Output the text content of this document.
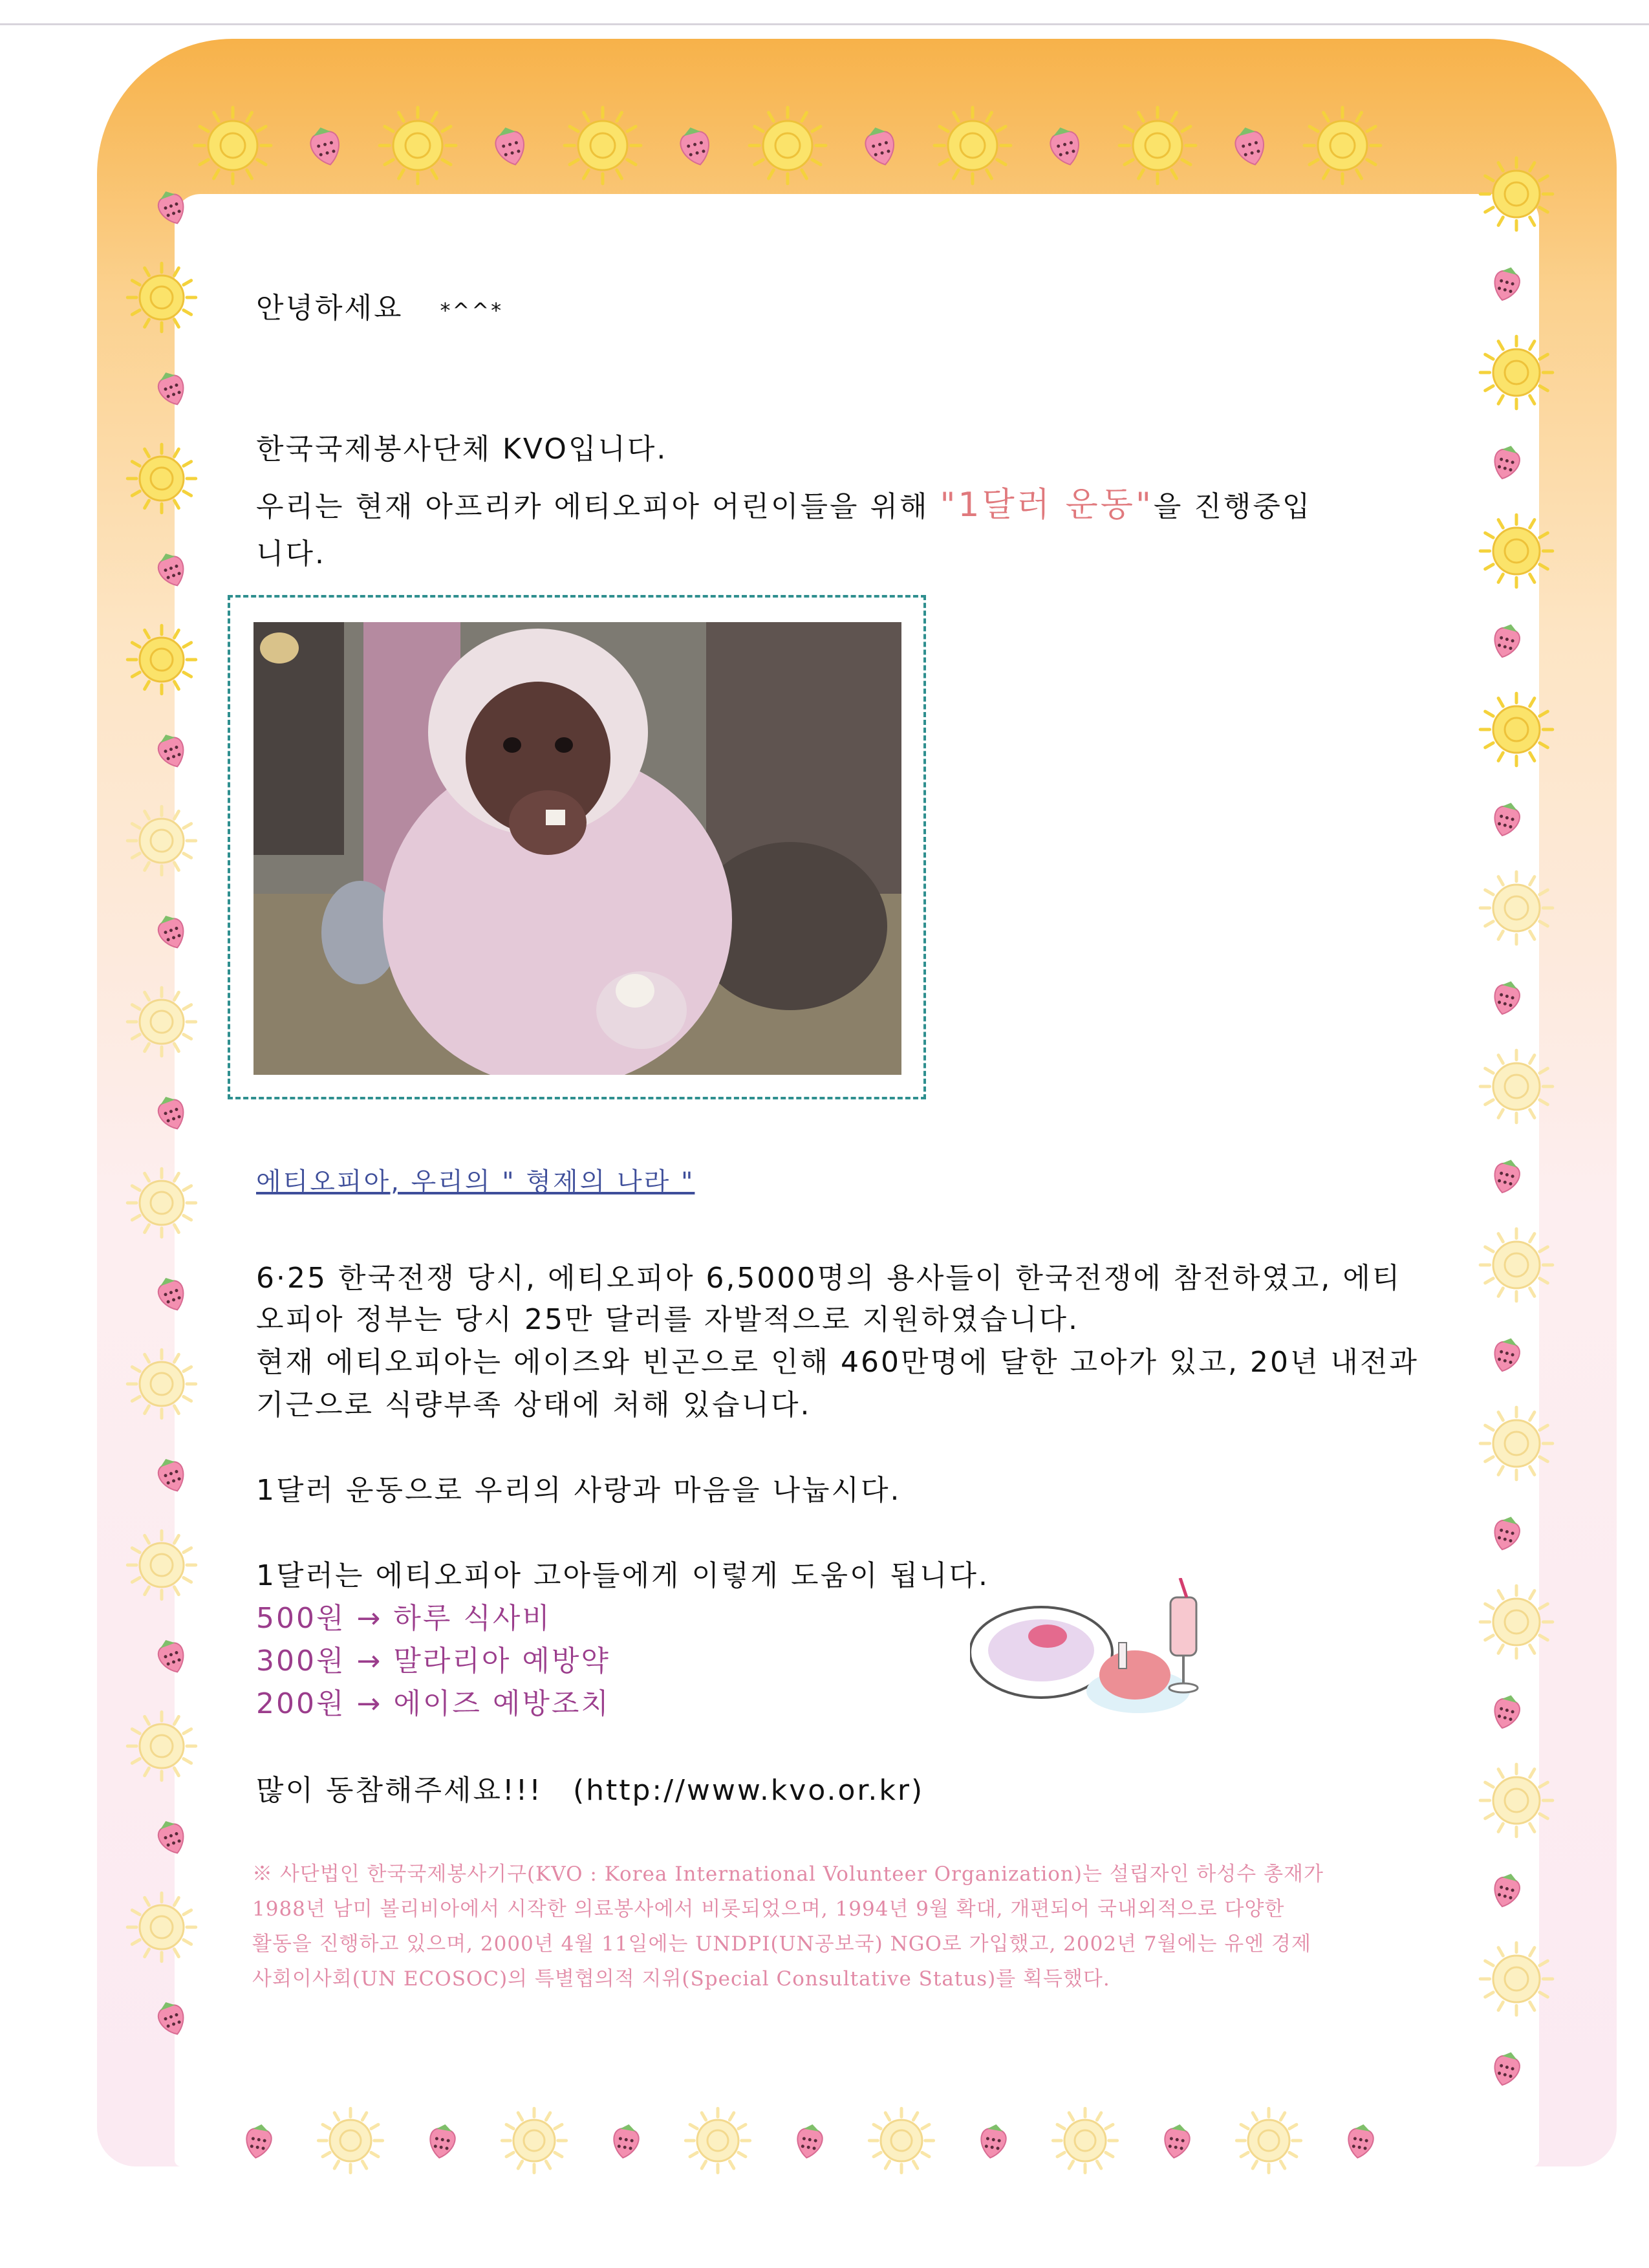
안녕하세요 *^^*

한국국제봉사단체 KVO입니다.

우리는 현재 아프리카 에티오피아 어린이들을 위해 "1달러 운동"을 진행중입

니다.

에티오피아, 우리의 " 형제의 나라 "

6·25 한국전쟁 당시, 에티오피아 6,5000명의 용사들이 한국전쟁에 참전하였고, 에티

오피아 정부는 당시 25만 달러를 자발적으로 지원하였습니다.

현재 에티오피아는 에이즈와 빈곤으로 인해 460만명에 달한 고아가 있고, 20년 내전과

기근으로 식량부족 상태에 처해 있습니다.

1달러 운동으로 우리의 사랑과 마음을 나눕시다.

1달러는 에티오피아 고아들에게 이렇게 도움이 됩니다.

500원 → 하루 식사비

300원 → 말라리아 예방약

200원 → 에이즈 예방조치

많이 동참해주세요!!! (http://www.kvo.or.kr)

※ 사단법인 한국국제봉사기구(KVO : Korea International Volunteer Organization)는 설립자인 하성수 총재가

1988년 남미 볼리비아에서 시작한 의료봉사에서 비롯되었으며, 1994년 9월 확대, 개편되어 국내외적으로 다양한

활동을 진행하고 있으며, 2000년 4월 11일에는 UNDPI(UN공보국) NGO로 가입했고, 2002년 7월에는 유엔 경제

사회이사회(UN ECOSOC)의 특별협의적 지위(Special Consultative Status)를 획득했다.
